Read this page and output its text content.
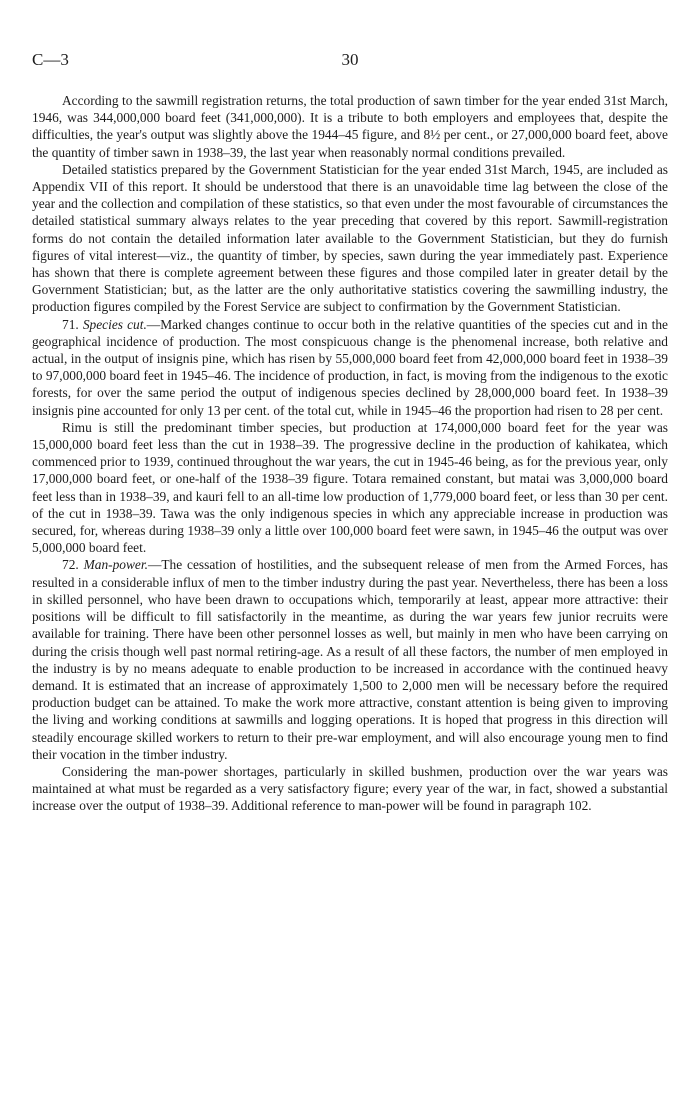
C—3	30

According to the sawmill registration returns, the total production of sawn timber for the year ended 31st March, 1946, was 344,000,000 board feet (341,000,000). It is a tribute to both employers and employees that, despite the difficulties, the year's output was slightly above the 1944–45 figure, and 8½ per cent., or 27,000,000 board feet, above the quantity of timber sawn in 1938–39, the last year when reasonably normal conditions prevailed.

Detailed statistics prepared by the Government Statistician for the year ended 31st March, 1945, are included as Appendix VII of this report. It should be understood that there is an unavoidable time lag between the close of the year and the collection and compilation of these statistics, so that even under the most favourable of circumstances the detailed statistical summary always relates to the year preceding that covered by this report. Sawmill-registration forms do not contain the detailed information later available to the Government Statistician, but they do furnish figures of vital interest—viz., the quantity of timber, by species, sawn during the year immediately past. Experience has shown that there is complete agreement between these figures and those compiled later in greater detail by the Government Statistician; but, as the latter are the only authoritative statistics covering the sawmilling industry, the production figures compiled by the Forest Service are subject to confirmation by the Government Statistician.

71. Species cut.—Marked changes continue to occur both in the relative quantities of the species cut and in the geographical incidence of production. The most conspicuous change is the phenomenal increase, both relative and actual, in the output of insignis pine, which has risen by 55,000,000 board feet from 42,000,000 board feet in 1938–39 to 97,000,000 board feet in 1945–46. The incidence of production, in fact, is moving from the indigenous to the exotic forests, for over the same period the output of indigenous species declined by 28,000,000 board feet. In 1938–39 insignis pine accounted for only 13 per cent. of the total cut, while in 1945–46 the proportion had risen to 28 per cent.

Rimu is still the predominant timber species, but production at 174,000,000 board feet for the year was 15,000,000 board feet less than the cut in 1938–39. The progressive decline in the production of kahikatea, which commenced prior to 1939, continued throughout the war years, the cut in 1945-46 being, as for the previous year, only 17,000,000 board feet, or one-half of the 1938–39 figure. Totara remained constant, but matai was 3,000,000 board feet less than in 1938–39, and kauri fell to an all-time low production of 1,779,000 board feet, or less than 30 per cent. of the cut in 1938–39. Tawa was the only indigenous species in which any appreciable increase in production was secured, for, whereas during 1938–39 only a little over 100,000 board feet were sawn, in 1945–46 the output was over 5,000,000 board feet.

72. Man-power.—The cessation of hostilities, and the subsequent release of men from the Armed Forces, has resulted in a considerable influx of men to the timber industry during the past year. Nevertheless, there has been a loss in skilled personnel, who have been drawn to occupations which, temporarily at least, appear more attractive: their positions will be difficult to fill satisfactorily in the meantime, as during the war years few junior recruits were available for training. There have been other personnel losses as well, but mainly in men who have been carrying on during the crisis though well past normal retiring-age. As a result of all these factors, the number of men employed in the industry is by no means adequate to enable production to be increased in accordance with the continued heavy demand. It is estimated that an increase of approximately 1,500 to 2,000 men will be necessary before the required production budget can be attained. To make the work more attractive, constant attention is being given to improving the living and working conditions at sawmills and logging operations. It is hoped that progress in this direction will steadily encourage skilled workers to return to their pre-war employment, and will also encourage young men to find their vocation in the timber industry.

Considering the man-power shortages, particularly in skilled bushmen, production over the war years was maintained at what must be regarded as a very satisfactory figure; every year of the war, in fact, showed a substantial increase over the output of 1938–39. Additional reference to man-power will be found in paragraph 102.
